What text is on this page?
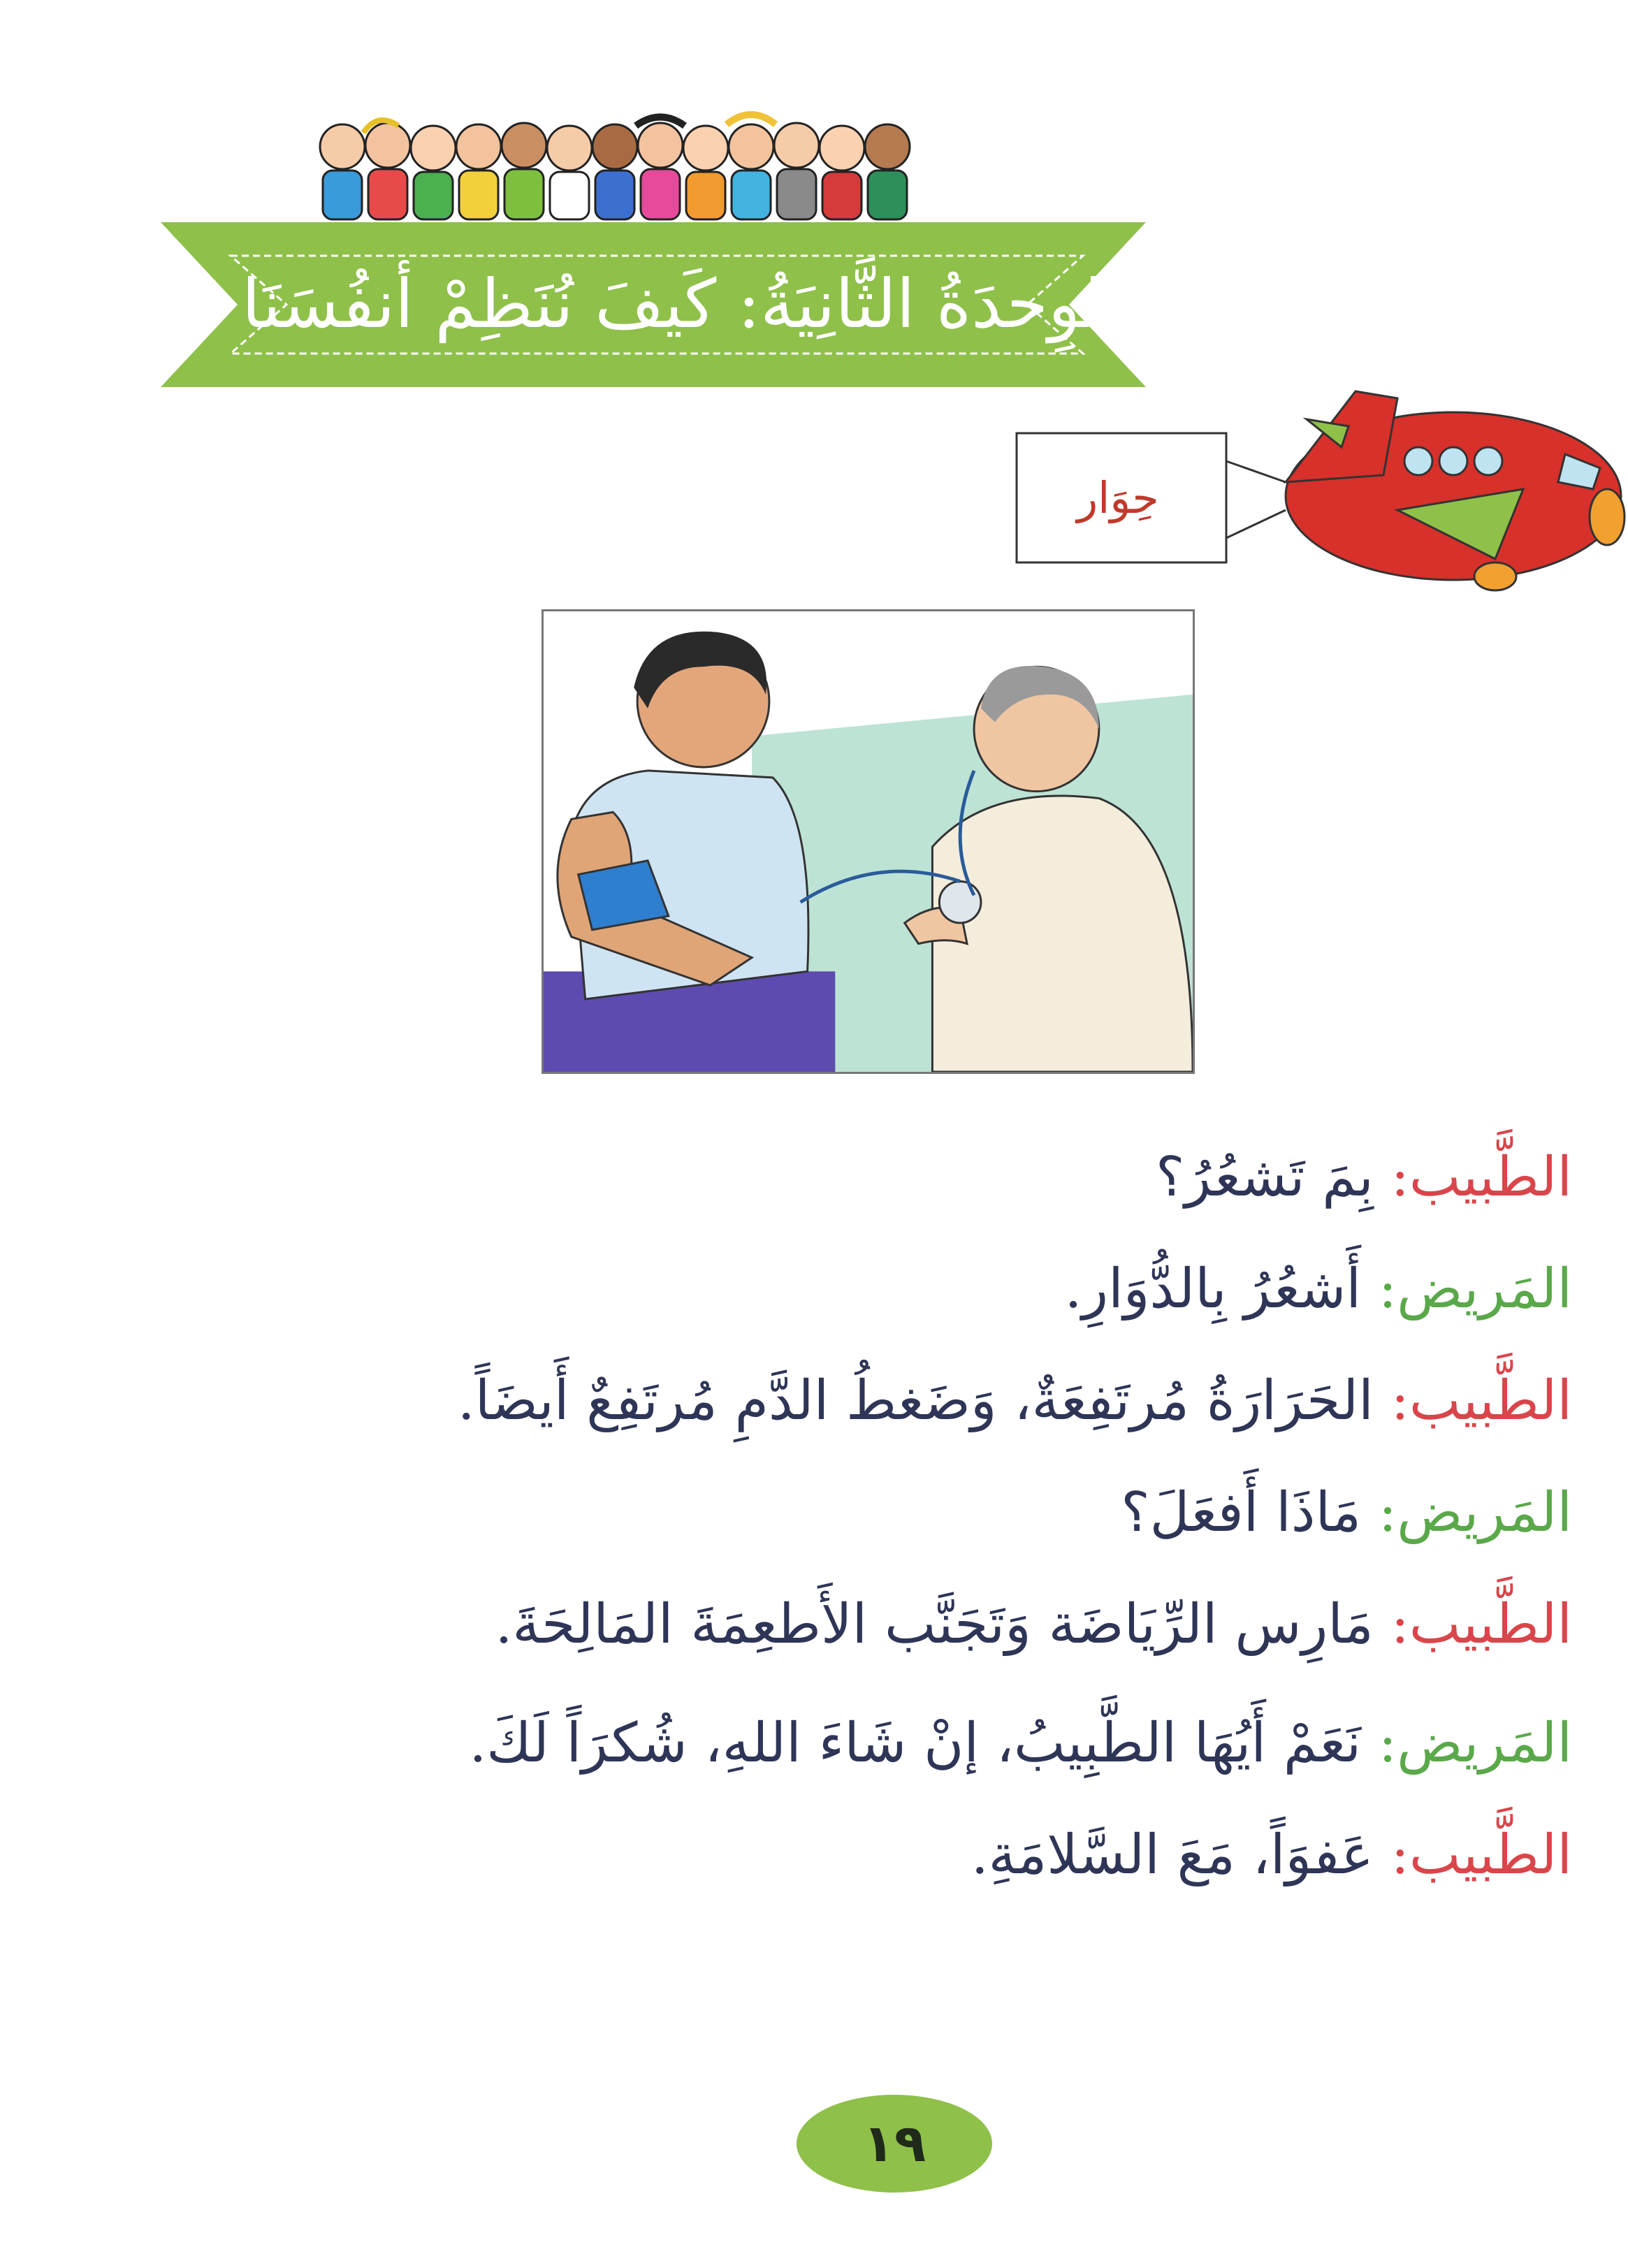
الوِحدَةُ الثَّانِيَةُ: كَيفَ نُنَظِمْ أنفُسَنَا ؟
حِوَار
الطَّبيب: بِمَ تَشعُرُ؟
المَريض: أَشعُرُ بِالدُّوَارِ.
الطَّبيب: الحَرَارَةُ مُرتَفِعَةٌ، وَضَغطُ الدَّمِ مُرتَفِعٌ أَيضَاً.
المَريض: مَاذَا أَفعَلَ؟
الطَّبيب: مَارِس الرِّيَاضَة وَتَجَنَّب الأَطعِمَةَ المَالِحَةَ.
المَريض: نَعَمْ أَيُهَا الطَّبِيبُ، إنْ شَاءَ اللهِ، شُكرَاً لَكَ.
الطَّبيب: عَفوَاً، مَعَ السَّلامَةِ.
١٩
